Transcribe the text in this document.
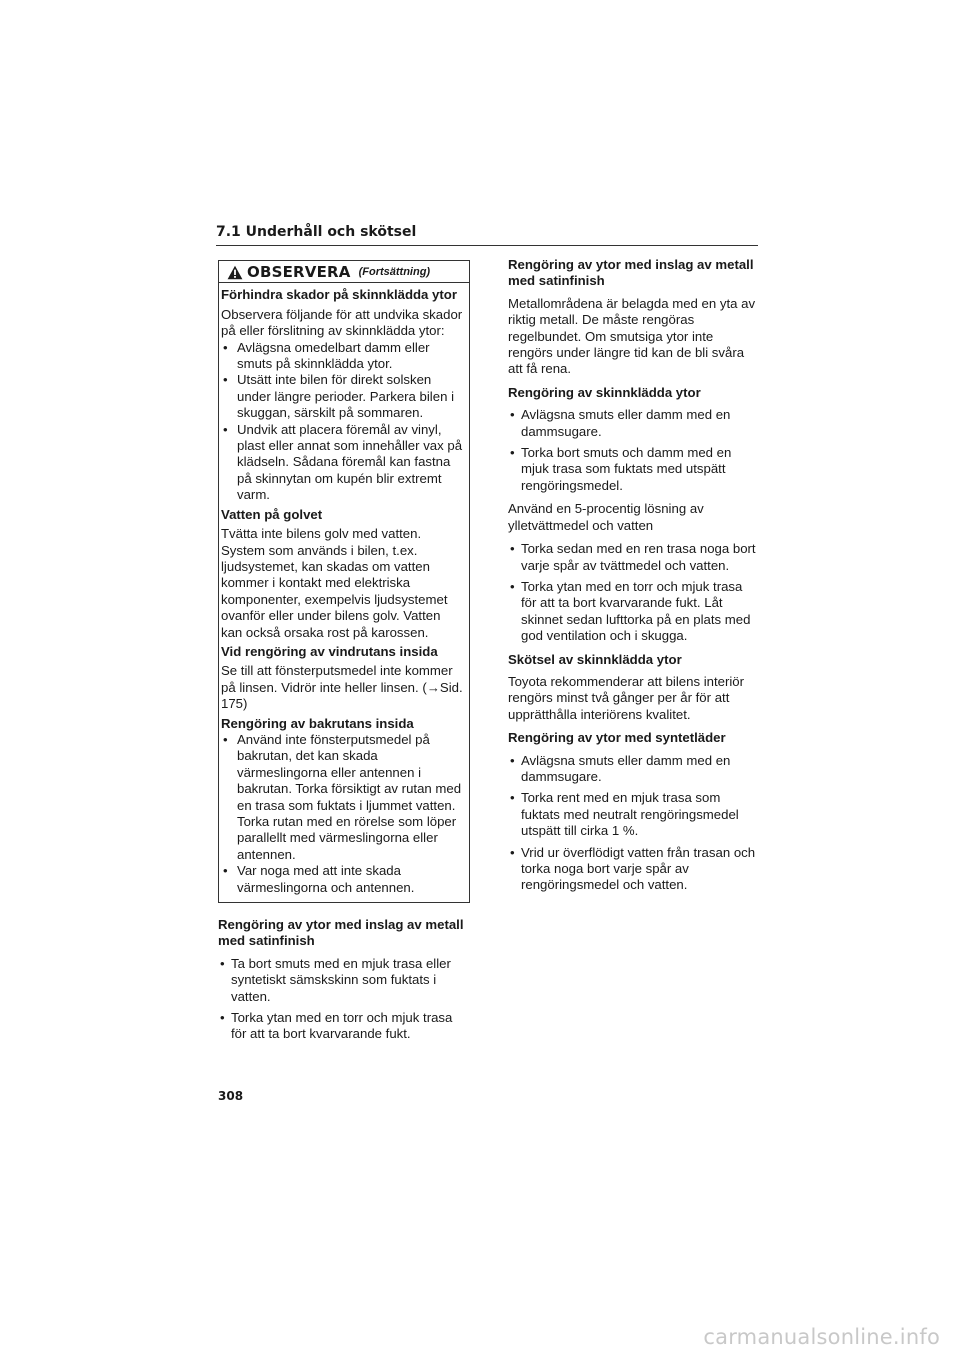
7.1 Underhåll och skötsel
OBSERVERA (Fortsättning)
Förhindra skador på skinnklädda ytor

Observera följande för att undvika skador på eller förslitning av skinnklädda ytor:

• Avlägsna omedelbart damm eller smuts på skinnklädda ytor.
• Utsätt inte bilen för direkt solsken under längre perioder. Parkera bilen i skuggan, särskilt på sommaren.
• Undvik att placera föremål av vinyl, plast eller annat som innehåller vax på klädseln. Sådana föremål kan fastna på skinnytan om kupén blir extremt varm.
Vatten på golvet

Tvätta inte bilens golv med vatten. System som används i bilen, t.ex. ljudsystemet, kan skadas om vatten kommer i kontakt med elektriska komponenter, exempelvis ljudsystemet ovanför eller under bilens golv. Vatten kan också orsaka rost på karossen.

Vid rengöring av vindrutans insida

Se till att fönsterputsmedel inte kommer på linsen. Vidrör inte heller linsen. (→Sid. 175)

Rengöring av bakrutans insida
• Använd inte fönsterputsmedel på bakrutan, det kan skada värmeslingorna eller antennen i bakrutan. Torka försiktigt av rutan med en trasa som fuktats i ljummet vatten. Torka rutan med en rörelse som löper parallellt med värmeslingorna eller antennen.
• Var noga med att inte skada värmeslingorna och antennen.
Rengöring av ytor med inslag av metall med satinfinish
• Ta bort smuts med en mjuk trasa eller syntetiskt sämskskinn som fuktats i vatten.
• Torka ytan med en torr och mjuk trasa för att ta bort kvarvarande fukt.
Rengöring av ytor med inslag av metall med satinfinish

Metallområdena är belagda med en yta av riktig metall. De måste rengöras regelbundet. Om smutsiga ytor inte rengörs under längre tid kan de bli svåra att få rena.

Rengöring av skinnklädda ytor
• Avlägsna smuts eller damm med en dammsugare.
• Torka bort smuts och damm med en mjuk trasa som fuktats med utspätt rengöringsmedel.

Använd en 5-procentig lösning av ylletvättmedel och vatten

• Torka sedan med en ren trasa noga bort varje spår av tvättmedel och vatten.
• Torka ytan med en torr och mjuk trasa för att ta bort kvarvarande fukt. Låt skinnet sedan lufttorka på en plats med god ventilation och i skugga.
Skötsel av skinnklädda ytor

Toyota rekommenderar att bilens interiör rengörs minst två gånger per år för att upprätthålla interiörens kvalitet.

Rengöring av ytor med syntetläder
• Avlägsna smuts eller damm med en dammsugare.
• Torka rent med en mjuk trasa som fuktats med neutralt rengöringsmedel utspätt till cirka 1 %.
• Vrid ur överflödigt vatten från trasan och torka noga bort varje spår av rengöringsmedel och vatten.
308
carmanualsonline.info
